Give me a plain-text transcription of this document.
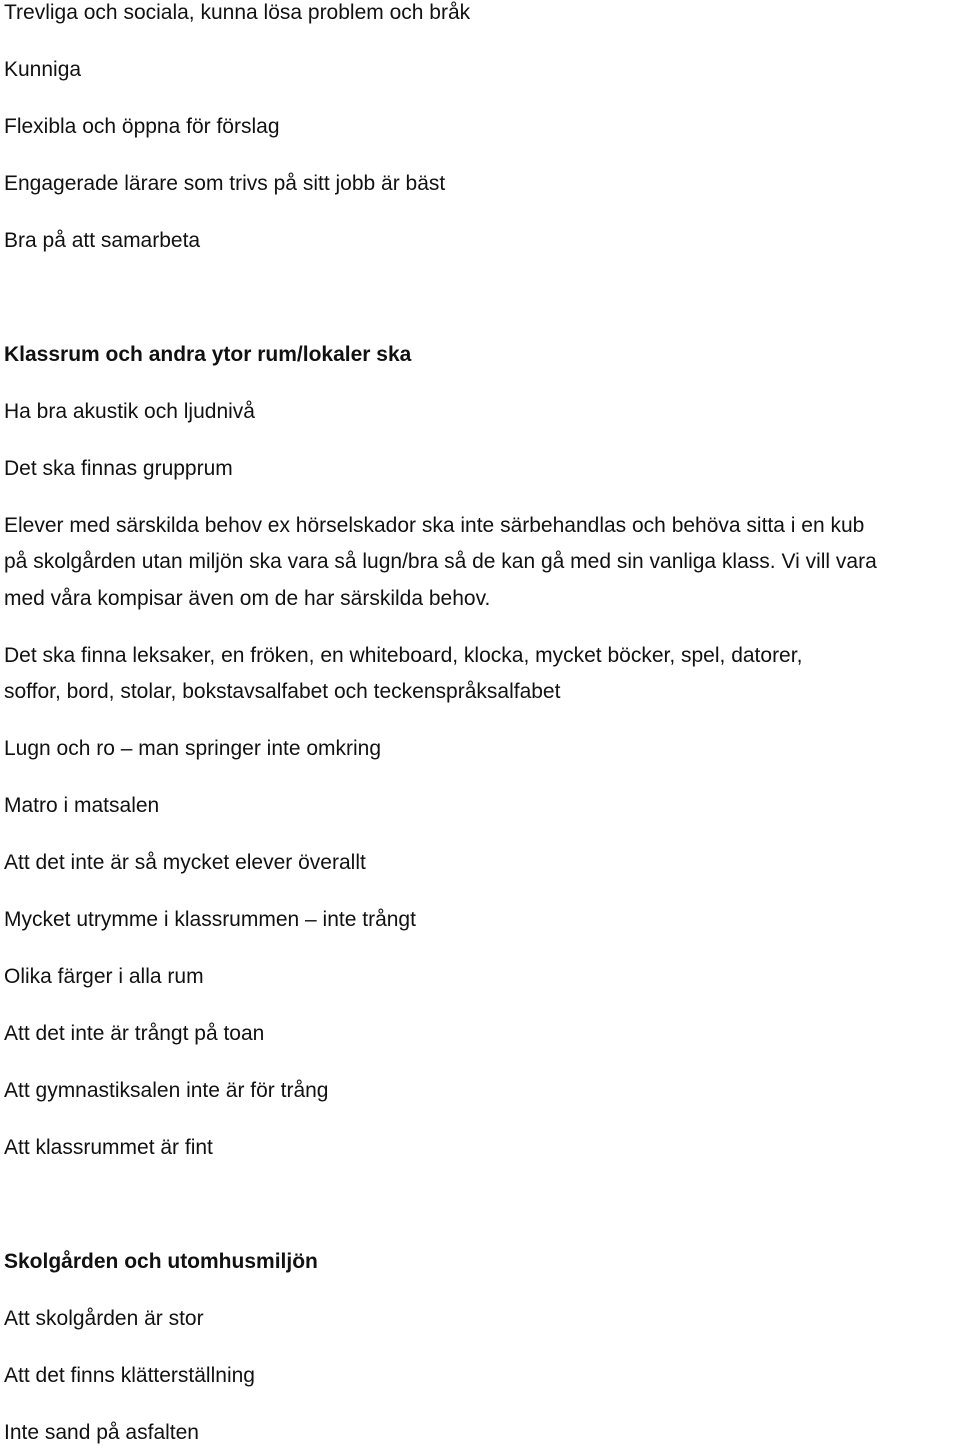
Trevliga och sociala, kunna lösa problem och bråk

Kunniga

Flexibla och öppna för förslag

Engagerade lärare som trivs på sitt jobb är bäst

Bra på att samarbeta

Klassrum och andra ytor rum/lokaler ska

Ha bra akustik och ljudnivå

Det ska finnas grupprum

Elever med särskilda behov ex hörselskador ska inte särbehandlas och behöva sitta i en kub

på skolgården utan miljön ska vara så lugn/bra så de kan gå med sin vanliga klass. Vi vill vara

med våra kompisar även om de har särskilda behov.

Det ska finna leksaker, en fröken, en whiteboard, klocka, mycket böcker, spel, datorer,

soffor, bord, stolar, bokstavsalfabet och teckenspråksalfabet

Lugn och ro – man springer inte omkring

Matro i matsalen

Att det inte är så mycket elever överallt

Mycket utrymme i klassrummen – inte trångt

Olika färger i alla rum

Att det inte är trångt på toan

Att gymnastiksalen inte är för trång

Att klassrummet är fint

Skolgården och utomhusmiljön

Att skolgården är stor

Att det finns klätterställning

Inte sand på asfalten
